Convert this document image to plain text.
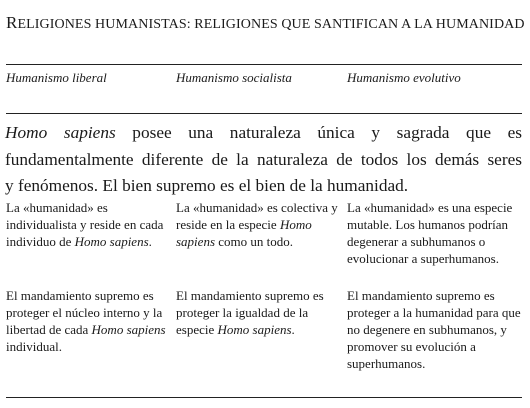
RELIGIONES HUMANISTAS: RELIGIONES QUE SANTIFICAN A LA HUMANIDAD
Humanismo liberal	Humanismo socialista	Humanismo evolutivo
Homo sapiens posee una naturaleza única y sagrada que es
fundamentalmente diferente de la naturaleza de todos los demás seres
y fenómenos. El bien supremo es el bien de la humanidad.
La «humanidad» es individualista y reside en cada individuo de Homo sapiens.
La «humanidad» es colectiva y reside en la especie Homo sapiens como un todo.
La «humanidad» es una especie mutable. Los humanos podrían degenerar a subhumanos o evolucionar a superhumanos.
El mandamiento supremo es proteger el núcleo interno y la libertad de cada Homo sapiens individual.
El mandamiento supremo es proteger la igualdad de la especie Homo sapiens.
El mandamiento supremo es proteger a la humanidad para que no degenere en subhumanos, y promover su evolución a superhumanos.
